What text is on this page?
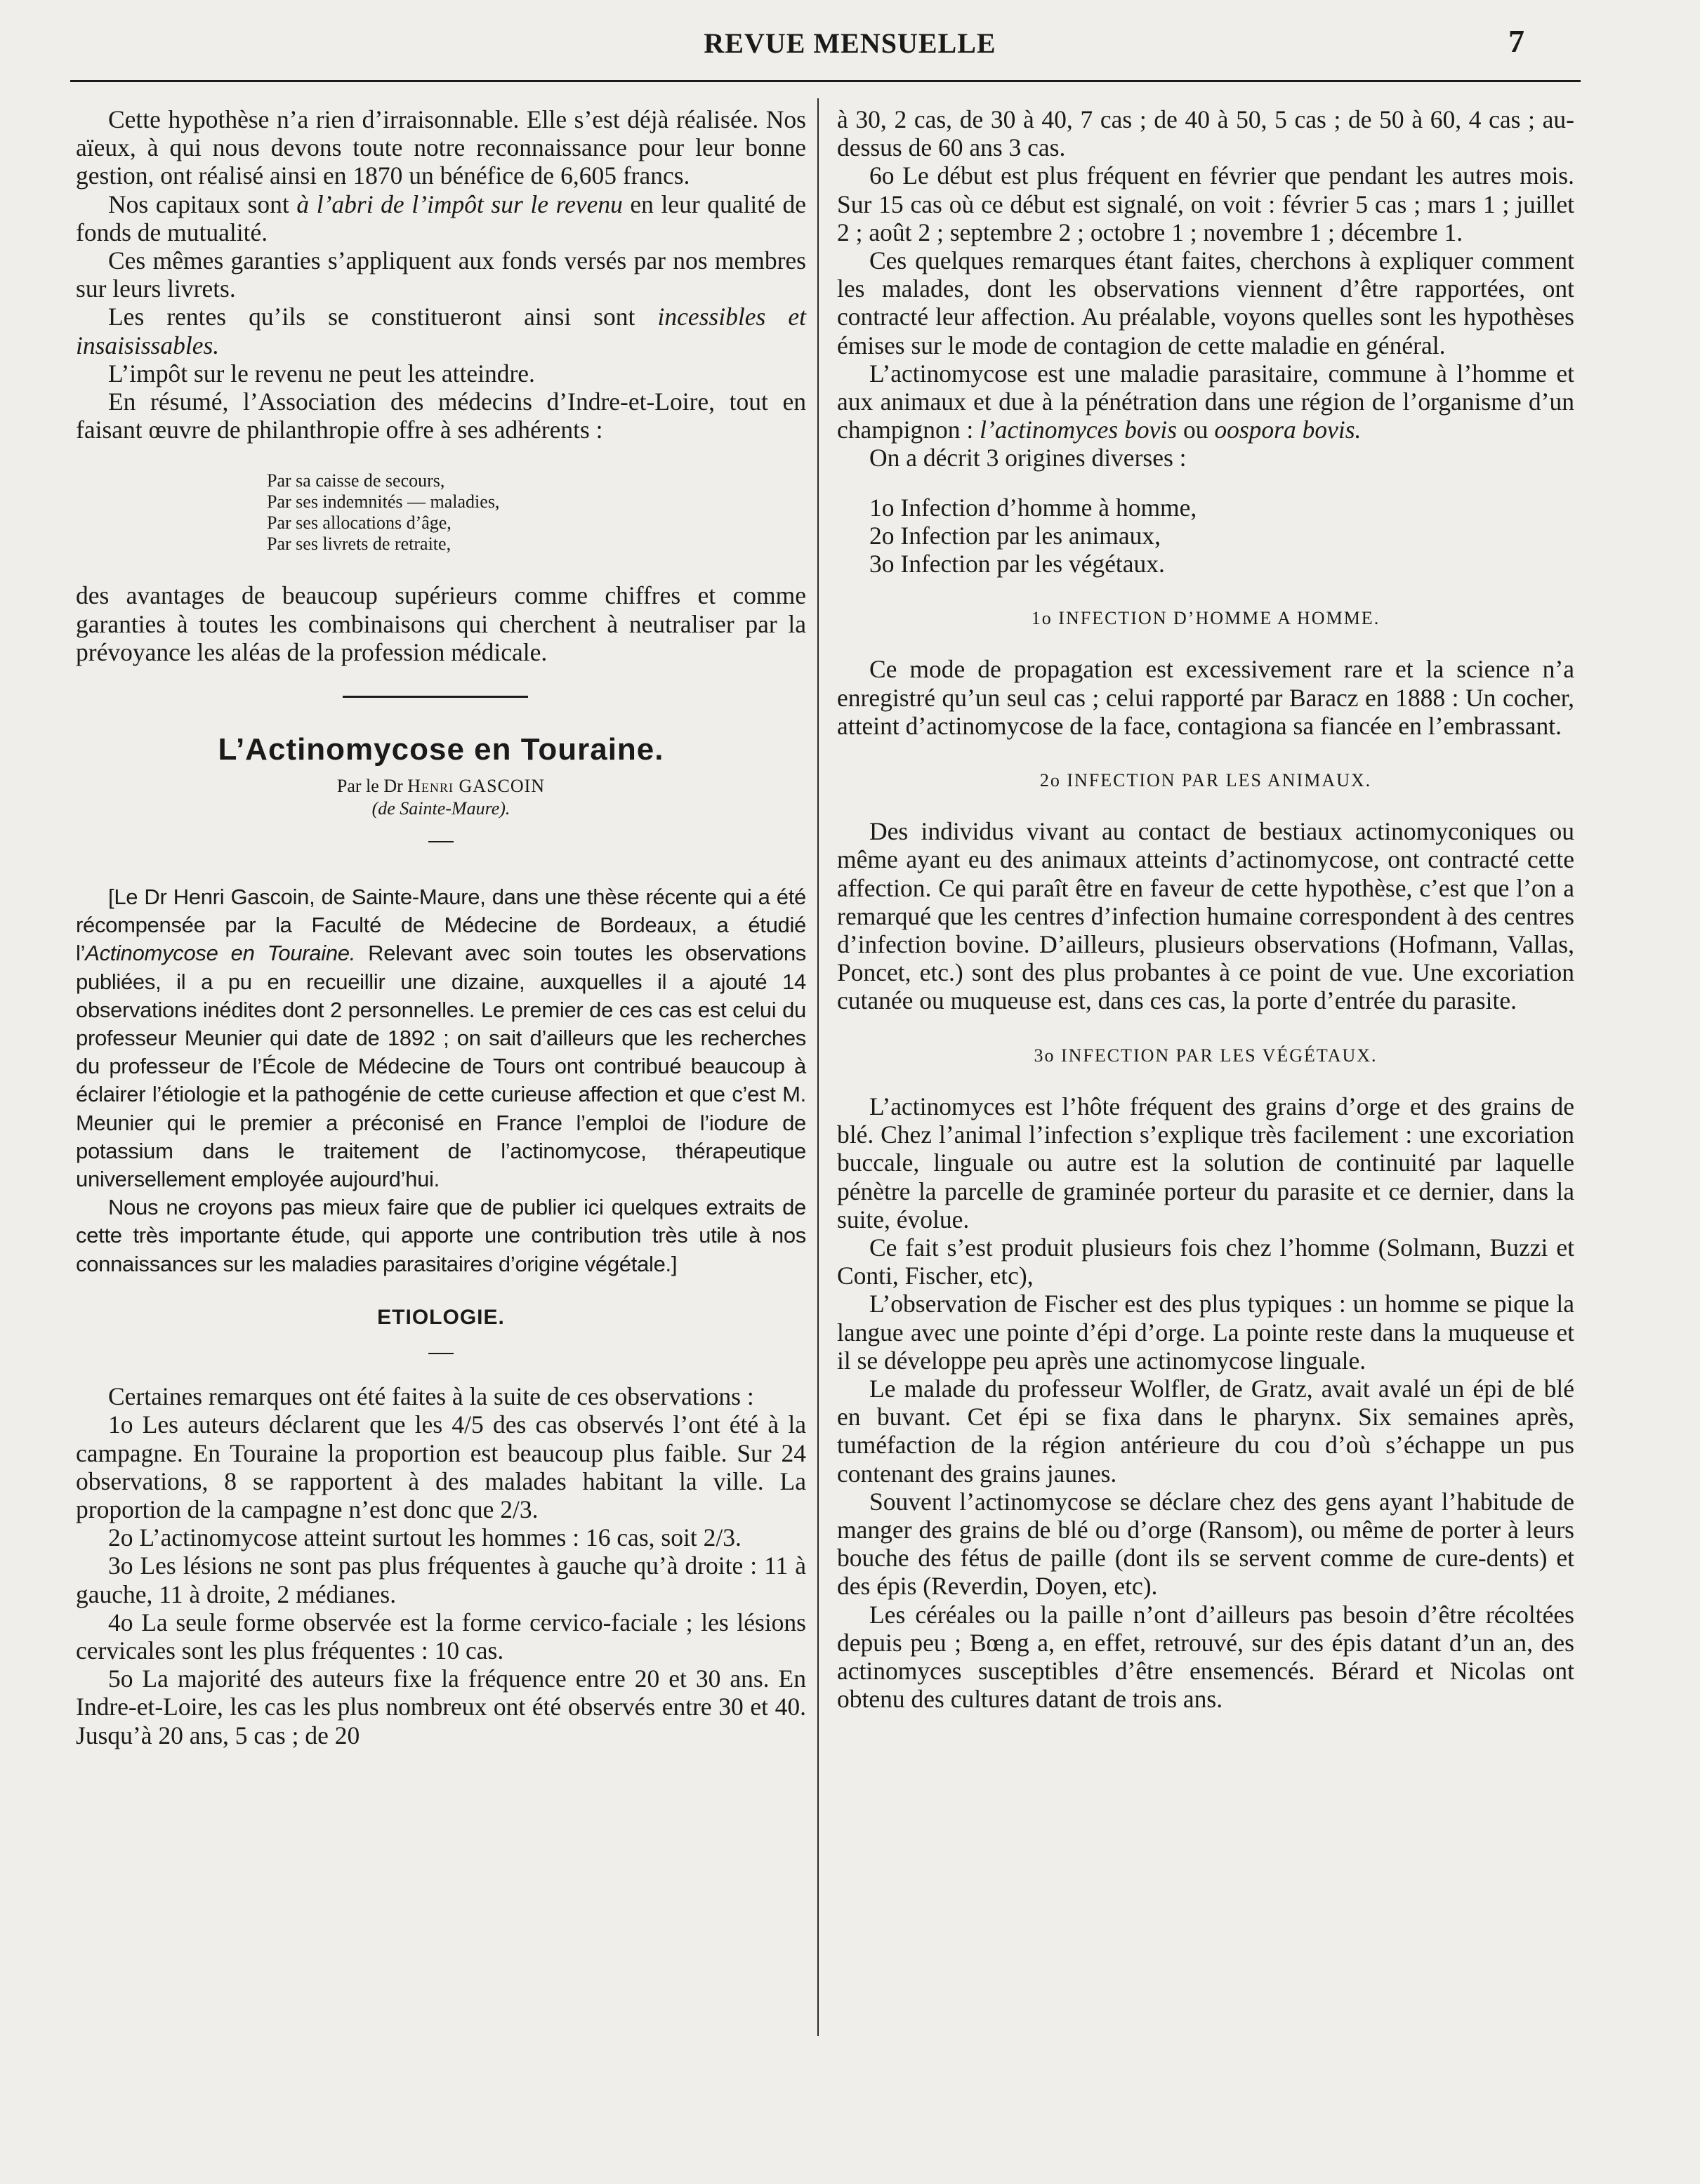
REVUE MENSUELLE	7

Cette hypothèse n’a rien d’irraisonnable. Elle s’est déjà réalisée. Nos aïeux, à qui nous devons toute notre reconnaissance pour leur bonne gestion, ont réalisé ainsi en 1870 un bénéfice de 6,605 francs.

Nos capitaux sont à l’abri de l’impôt sur le revenu en leur qualité de fonds de mutualité.

Ces mêmes garanties s’appliquent aux fonds versés par nos membres sur leurs livrets.

Les rentes qu’ils se constitueront ainsi sont incessibles et insaisissables.

L’impôt sur le revenu ne peut les atteindre.

En résumé, l’Association des médecins d’Indre-et-Loire, tout en faisant œuvre de philanthropie offre à ses adhérents :

Par sa caisse de secours,
Par ses indemnités — maladies,
Par ses allocations d’âge,
Par ses livrets de retraite,

des avantages de beaucoup supérieurs comme chiffres et comme garanties à toutes les combinaisons qui cherchent à neutraliser par la prévoyance les aléas de la profession médicale.

L’Actinomycose en Touraine.
Par le Dr Henri GASCOIN
(de Sainte-Maure).

[Le Dr Henri Gascoin, de Sainte-Maure, dans une thèse récente qui a été récompensée par la Faculté de Médecine de Bordeaux, a étudié l’Actinomycose en Touraine. Relevant avec soin toutes les observations publiées, il a pu en recueillir une dizaine, auxquelles il a ajouté 14 observations inédites dont 2 personnelles. Le premier de ces cas est celui du professeur Meunier qui date de 1892 ; on sait d’ailleurs que les recherches du professeur de l’École de Médecine de Tours ont contribué beaucoup à éclairer l’étiologie et la pathogénie de cette curieuse affection et que c’est M. Meunier qui le premier a préconisé en France l’emploi de l’iodure de potassium dans le traitement de l’actinomycose, thérapeutique universellement employée aujourd’hui.

Nous ne croyons pas mieux faire que de publier ici quelques extraits de cette très importante étude, qui apporte une contribution très utile à nos connaissances sur les maladies parasitaires d’origine végétale.]

ETIOLOGIE.

Certaines remarques ont été faites à la suite de ces observations :

1o Les auteurs déclarent que les 4/5 des cas observés l’ont été à la campagne. En Touraine la proportion est beaucoup plus faible. Sur 24 observations, 8 se rapportent à des malades habitant la ville. La proportion de la campagne n’est donc que 2/3.

2o L’actinomycose atteint surtout les hommes : 16 cas, soit 2/3.

3o Les lésions ne sont pas plus fréquentes à gauche qu’à droite : 11 à gauche, 11 à droite, 2 médianes.

4o La seule forme observée est la forme cervico-faciale ; les lésions cervicales sont les plus fréquentes : 10 cas.

5o La majorité des auteurs fixe la fréquence entre 20 et 30 ans. En Indre-et-Loire, les cas les plus nombreux ont été observés entre 30 et 40. Jusqu’à 20 ans, 5 cas ; de 20

à 30, 2 cas, de 30 à 40, 7 cas ; de 40 à 50, 5 cas ; de 50 à 60, 4 cas ; au-dessus de 60 ans 3 cas.

6o Le début est plus fréquent en février que pendant les autres mois. Sur 15 cas où ce début est signalé, on voit : février 5 cas ; mars 1 ; juillet 2 ; août 2 ; septembre 2 ; octobre 1 ; novembre 1 ; décembre 1.

Ces quelques remarques étant faites, cherchons à expliquer comment les malades, dont les observations viennent d’être rapportées, ont contracté leur affection. Au préalable, voyons quelles sont les hypothèses émises sur le mode de contagion de cette maladie en général.

L’actinomycose est une maladie parasitaire, commune à l’homme et aux animaux et due à la pénétration dans une région de l’organisme d’un champignon : l’actinomyces bovis ou oospora bovis.

On a décrit 3 origines diverses :

1o Infection d’homme à homme,

2o Infection par les animaux,

3o Infection par les végétaux.

1o INFECTION D’HOMME A HOMME.

Ce mode de propagation est excessivement rare et la science n’a enregistré qu’un seul cas ; celui rapporté par Baracz en 1888 : Un cocher, atteint d’actinomycose de la face, contagiona sa fiancée en l’embrassant.

2o INFECTION PAR LES ANIMAUX.

Des individus vivant au contact de bestiaux actinomyconiques ou même ayant eu des animaux atteints d’actinomycose, ont contracté cette affection. Ce qui paraît être en faveur de cette hypothèse, c’est que l’on a remarqué que les centres d’infection humaine correspondent à des centres d’infection bovine. D’ailleurs, plusieurs observations (Hofmann, Vallas, Poncet, etc.) sont des plus probantes à ce point de vue. Une excoriation cutanée ou muqueuse est, dans ces cas, la porte d’entrée du parasite.

3o INFECTION PAR LES VÉGÉTAUX.

L’actinomyces est l’hôte fréquent des grains d’orge et des grains de blé. Chez l’animal l’infection s’explique très facilement : une excoriation buccale, linguale ou autre est la solution de continuité par laquelle pénètre la parcelle de graminée porteur du parasite et ce dernier, dans la suite, évolue.

Ce fait s’est produit plusieurs fois chez l’homme (Solmann, Buzzi et Conti, Fischer, etc),

L’observation de Fischer est des plus typiques : un homme se pique la langue avec une pointe d’épi d’orge. La pointe reste dans la muqueuse et il se développe peu après une actinomycose linguale.

Le malade du professeur Wolfler, de Gratz, avait avalé un épi de blé en buvant. Cet épi se fixa dans le pharynx. Six semaines après, tuméfaction de la région antérieure du cou d’où s’échappe un pus contenant des grains jaunes.

Souvent l’actinomycose se déclare chez des gens ayant l’habitude de manger des grains de blé ou d’orge (Ransom), ou même de porter à leurs bouche des fétus de paille (dont ils se servent comme de cure-dents) et des épis (Reverdin, Doyen, etc).

Les céréales ou la paille n’ont d’ailleurs pas besoin d’être récoltées depuis peu ; Bœng a, en effet, retrouvé, sur des épis datant d’un an, des actinomyces susceptibles d’être ensemencés. Bérard et Nicolas ont obtenu des cultures datant de trois ans.
